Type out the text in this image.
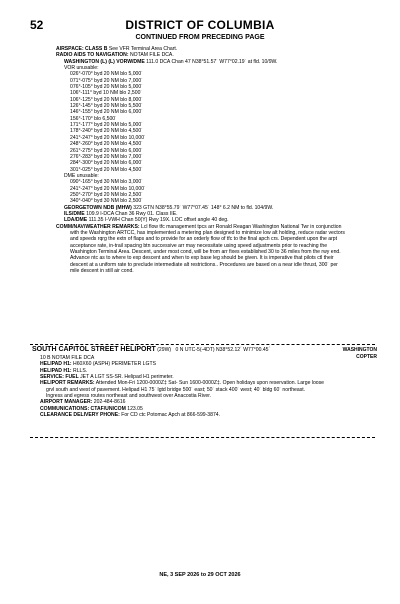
52	DISTRICT OF COLUMBIA
CONTINUED FROM PRECEDING PAGE
AIRSPACE: CLASS B See VFR Terminal Area Chart.
RADIO AIDS TO NAVIGATION: NOTAM FILE DCA.
WASHINGTON (L) (L) VORW/DME 111.0 DCA Chan 47 N38°51.57´ W77°02.19´ at fld. 10/9W.
VOR unusable:
026°-070° byd 20 NM blo 5,000´
071°-075° byd 20 NM blo 7,000´
076°-105° byd 20 NM blo 5,000´
106°-111° byd 10 NM blo 2,500´
106°-125° byd 20 NM blo 8,000´
126°-145° byd 20 NM blo 5,500´
146°-155° byd 20 NM blo 6,000´
156°-170° blo 6,500´
171°-177° byd 20 NM blo 5,000´
178°-240° byd 20 NM blo 4,500´
241°-247° byd 20 NM blo 10,000´
248°-260° byd 20 NM blo 4,500´
261°-275° byd 20 NM blo 6,000´
276°-283° byd 20 NM blo 7,000´
284°-300° byd 20 NM blo 6,000´
301°-025° byd 20 NM blo 4,500´
DME unusable:
090°-165° byd 30 NM blo 3,000´
241°-247° byd 20 NM blo 10,000´
250°-270° byd 20 NM blo 2,500´
340°-040° byd 30 NM blo 2,500´
GEORGETOWN NDB (MHW) 323 GTN N38°55.79´ W77°07.45´ 148° 6.2 NM to fld. 104/9W.
ILS/DME 109.9 I-DCA Chan 36 Rwy 01. Class IIE.
LDA/DME 111.35 I-VWH Chan 50(Y) Rwy 19X. LOC offset angle 40 deg.
COMM/NAV/WEATHER REMARKS: Lcl flow tfc management tpcs arr Ronald Reagan Washington National Twr in conjunction
with the Washington ARTCC, has implemented a metering plan designed to minimize low alt holding, reduce radar vectors
and speeds rqrg the extn of flaps and to provide for an orderly flow of tfc to the final apch crs. Dependent upon the arpt
acceptance rate, in-trail spacing btn successive arr may necessitate using speed adjustments prior to reaching the
Washington Terminal Area. Descent, under most cond, will be from arr fixes established 30 to 36 miles from the rwy end.
Advance ntc as to where to exp descent and when to exp base leg should be given. It is imperative that pilots ctl their
descent at a uniform rate to preclude intermediate alt restrictions.. Procedures are based on a near idle thrust, 300´ per
mile descent in still air cond.
SOUTH CAPITOL STREET HELIPORT (29W) 0 N UTC-5(-4DT) N38°52.12´ W77°00.45´	WASHINGTON
COPTER
10 B NOTAM FILE DCA
HELIPAD H1: H60X60 (ASPH) PERIMETER LGTS
HELIPAD H1: RLLS.
SERVICE: FUEL JET A LGT SS-SR. Helipad H1 perimeter.
HELIPORT REMARKS: Attended Mon-Fri 1200-0000Z‡ Sat- Sun 1600-0000Z‡. Open holidays upon reservation. Large loose
grvl south and west of pavement. Helipad H1 75´ lgtd bridge 500´ east; 50´ stack 400´ west; 40´ bldg 60´ northeast.
Ingress and egress routes northeast and southwest over Anacostia River.
AIRPORT MANAGER: 202-484-8616
COMMUNICATIONS: CTAF/UNICOM 123.05
CLEARANCE DELIVERY PHONE: For CD ctc Potomac Apch at 866-599-3874.
NE, 3 SEP 2026 to 29 OCT 2026
